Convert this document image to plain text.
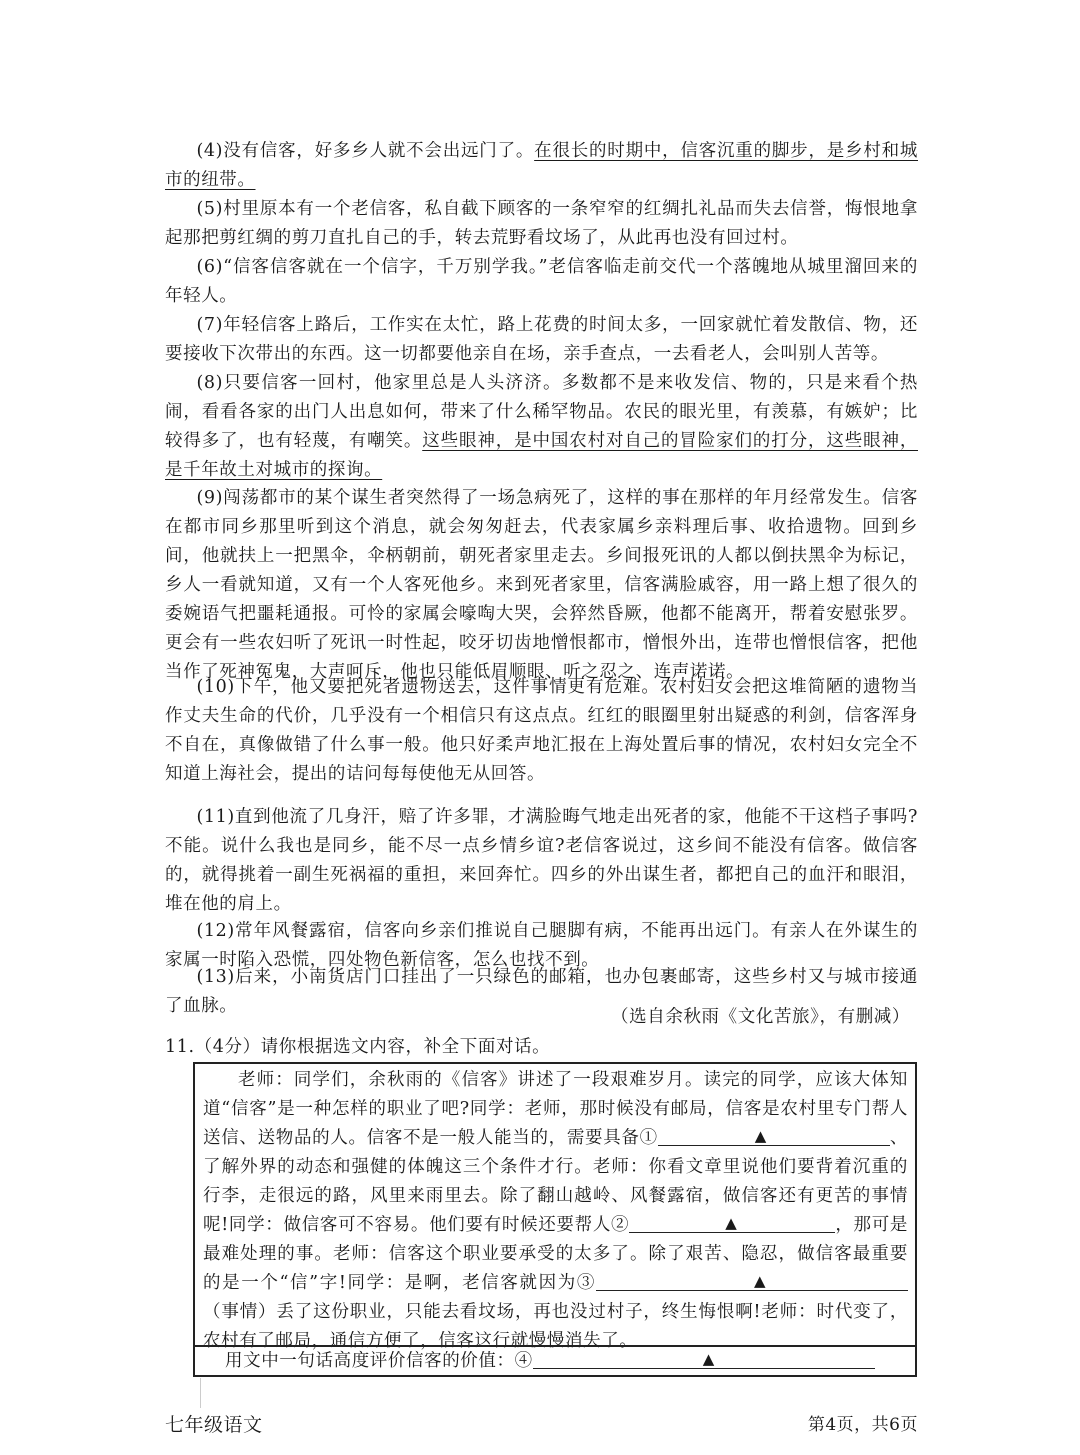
(4)没有信客，好多乡人就不会出远门了。在很长的时期中，信客沉重的脚步，是乡村和城市的纽带。

(5)村里原本有一个老信客，私自截下顾客的一条窄窄的红绸扎礼品而失去信誉，悔恨地拿起那把剪红绸的剪刀直扎自己的手，转去荒野看坟场了，从此再也没有回过村。

(6)“信客信客就在一个信字，千万别学我。”老信客临走前交代一个落魄地从城里溜回来的年轻人。

(7)年轻信客上路后，工作实在太忙，路上花费的时间太多，一回家就忙着发散信、物，还要接收下次带出的东西。这一切都要他亲自在场，亲手查点，一去看老人，会叫别人苦等。

(8)只要信客一回村，他家里总是人头济济。多数都不是来收发信、物的，只是来看个热闹，看看各家的出门人出息如何，带来了什么稀罕物品。农民的眼光里，有羡慕，有嫉妒；比较得多了，也有轻蔑，有嘲笑。这些眼神，是中国农村对自己的冒险家们的打分，这些眼神，是千年故土对城市的探询。

(9)闯荡都市的某个谋生者突然得了一场急病死了，这样的事在那样的年月经常发生。信客在都市同乡那里听到这个消息，就会匆匆赶去，代表家属乡亲料理后事、收拾遗物。回到乡间，他就扶上一把黑伞，伞柄朝前，朝死者家里走去。乡间报死讯的人都以倒扶黑伞为标记，乡人一看就知道，又有一个人客死他乡。来到死者家里，信客满脸戚容，用一路上想了很久的委婉语气把噩耗通报。可怜的家属会嚎啕大哭，会猝然昏厥，他都不能离开，帮着安慰张罗。更会有一些农妇听了死讯一时性起，咬牙切齿地憎恨都市，憎恨外出，连带也憎恨信客，把他当作了死神冤鬼，大声呵斥，他也只能低眉顺眼、听之忍之、连声诺诺。

(10)下午，他又要把死者遗物送去，这件事情更有危难。农村妇女会把这堆简陋的遗物当作丈夫生命的代价，几乎没有一个相信只有这点点。红红的眼圈里射出疑惑的利剑，信客浑身不自在，真像做错了什么事一般。他只好柔声地汇报在上海处置后事的情况，农村妇女完全不知道上海社会，提出的诘问每每使他无从回答。

(11)直到他流了几身汗，赔了许多罪，才满脸晦气地走出死者的家，他能不干这档子事吗?不能。说什么我也是同乡，能不尽一点乡情乡谊?老信客说过，这乡间不能没有信客。做信客的，就得挑着一副生死祸福的重担，来回奔忙。四乡的外出谋生者，都把自己的血汗和眼泪，堆在他的肩上。

(12)常年风餐露宿，信客向乡亲们推说自己腿脚有病，不能再出远门。有亲人在外谋生的家属一时陷入恐慌，四处物色新信客，怎么也找不到。

(13)后来，小南货店门口挂出了一只绿色的邮箱，也办包裹邮寄，这些乡村又与城市接通了血脉。

（选自余秋雨《文化苦旅》，有删减）
11.（4分）请你根据选文内容，补全下面对话。

老师：同学们，余秋雨的《信客》讲述了一段艰难岁月。读完的同学，应该大体知道“信客”是一种怎样的职业了吧?同学：老师，那时候没有邮局，信客是农村里专门帮人送信、送物品的人。信客不是一般人能当的，需要具备①	▲	、了解外界的动态和强健的体魄这三个条件才行。老师：你看文章里说他们要背着沉重的行李，走很远的路，风里来雨里去。除了翻山越岭、风餐露宿，做信客还有更苦的事情呢!同学：做信客可不容易。他们要有时候还要帮人②	▲	，那可是最难处理的事。老师：信客这个职业要承受的太多了。除了艰苦、隐忍，做信客最重要的是一个“信”字!同学：是啊，老信客就因为③	▲
（事情）丢了这份职业，只能去看坟场，再也没过村子，终生悔恨啊!老师：时代变了，农村有了邮局，通信方便了，信客这行就慢慢消失了。

用文中一句话高度评价信客的价值：④	▲
七年级语文	第4页，共6页
